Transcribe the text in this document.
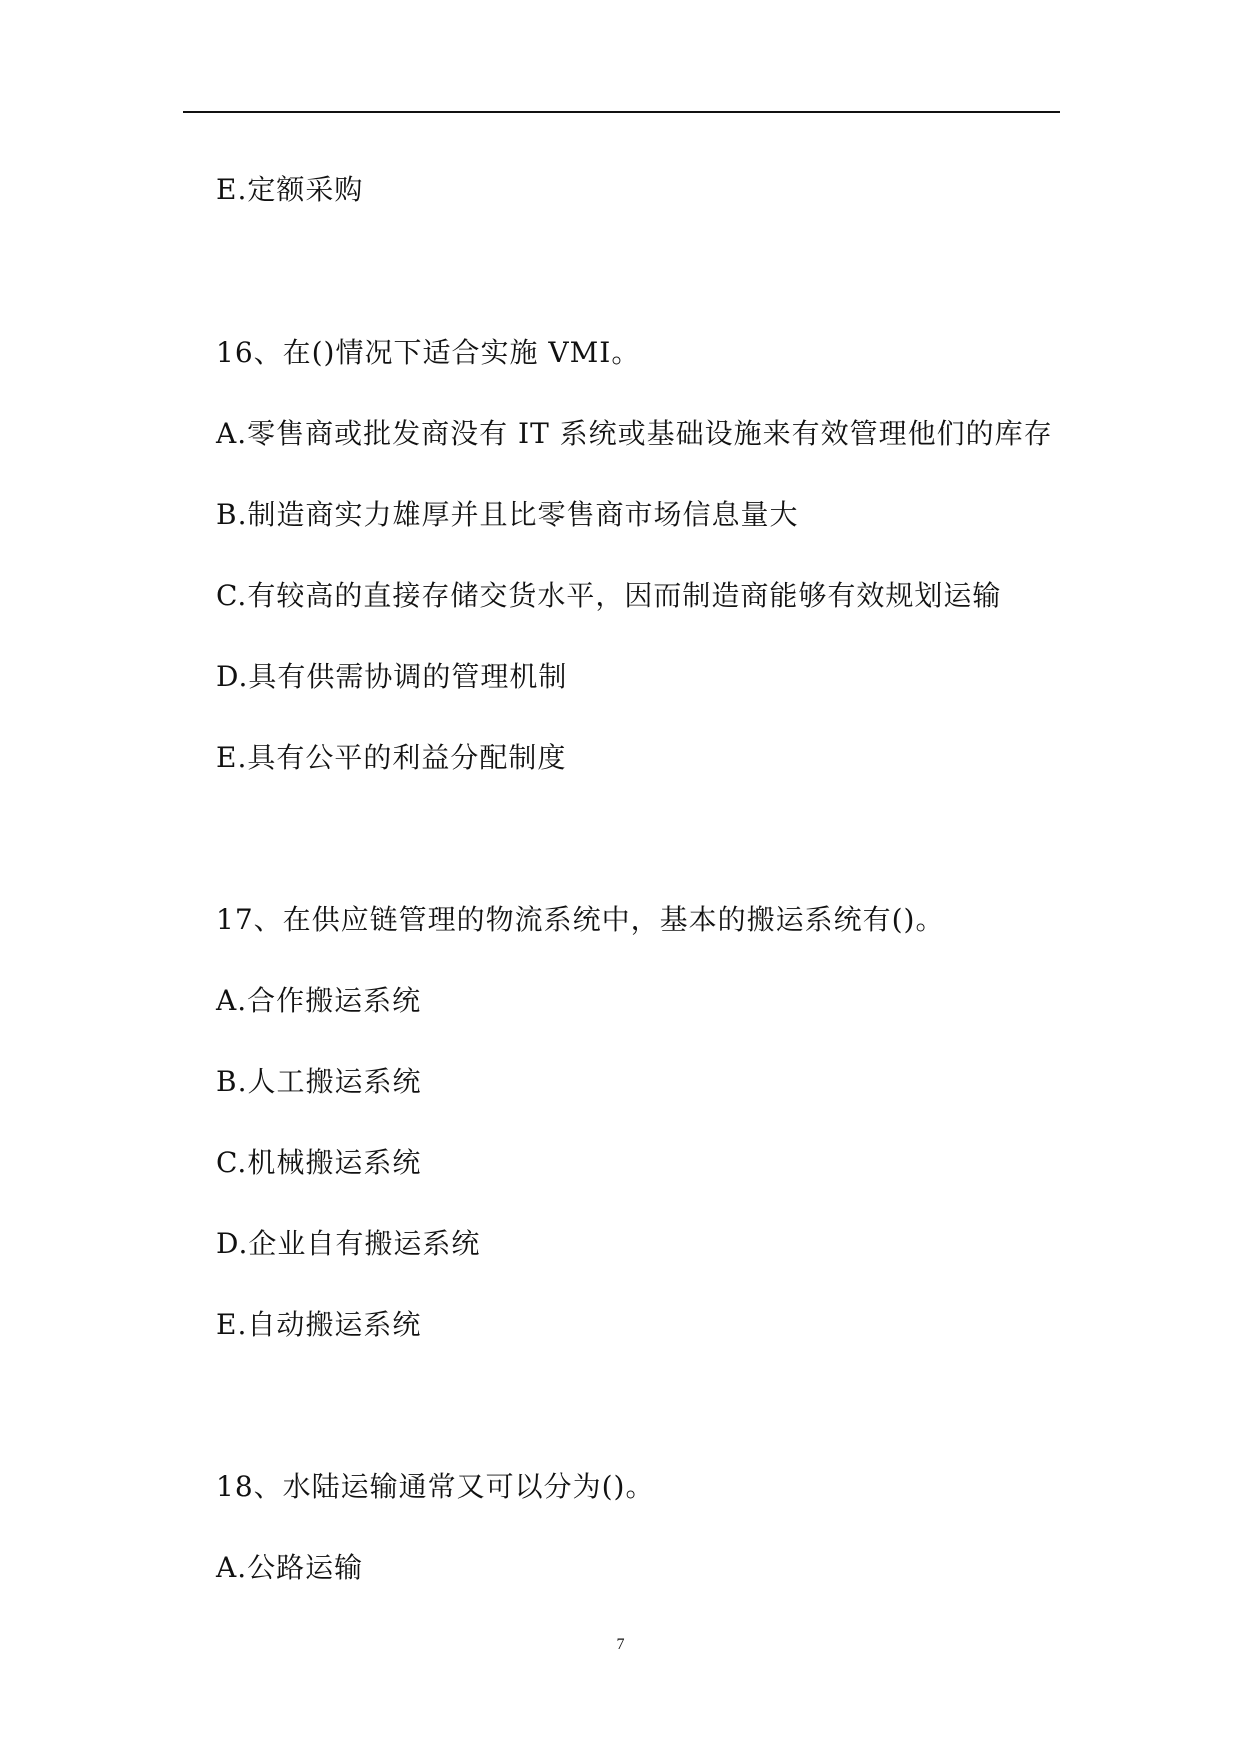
E.定额采购
16、在()情况下适合实施 VMI。
A.零售商或批发商没有 IT 系统或基础设施来有效管理他们的库存
B.制造商实力雄厚并且比零售商市场信息量大
C.有较高的直接存储交货水平，因而制造商能够有效规划运输
D.具有供需协调的管理机制
E.具有公平的利益分配制度
17、在供应链管理的物流系统中，基本的搬运系统有()。
A.合作搬运系统
B.人工搬运系统
C.机械搬运系统
D.企业自有搬运系统
E.自动搬运系统
18、水陆运输通常又可以分为()。
A.公路运输
7
